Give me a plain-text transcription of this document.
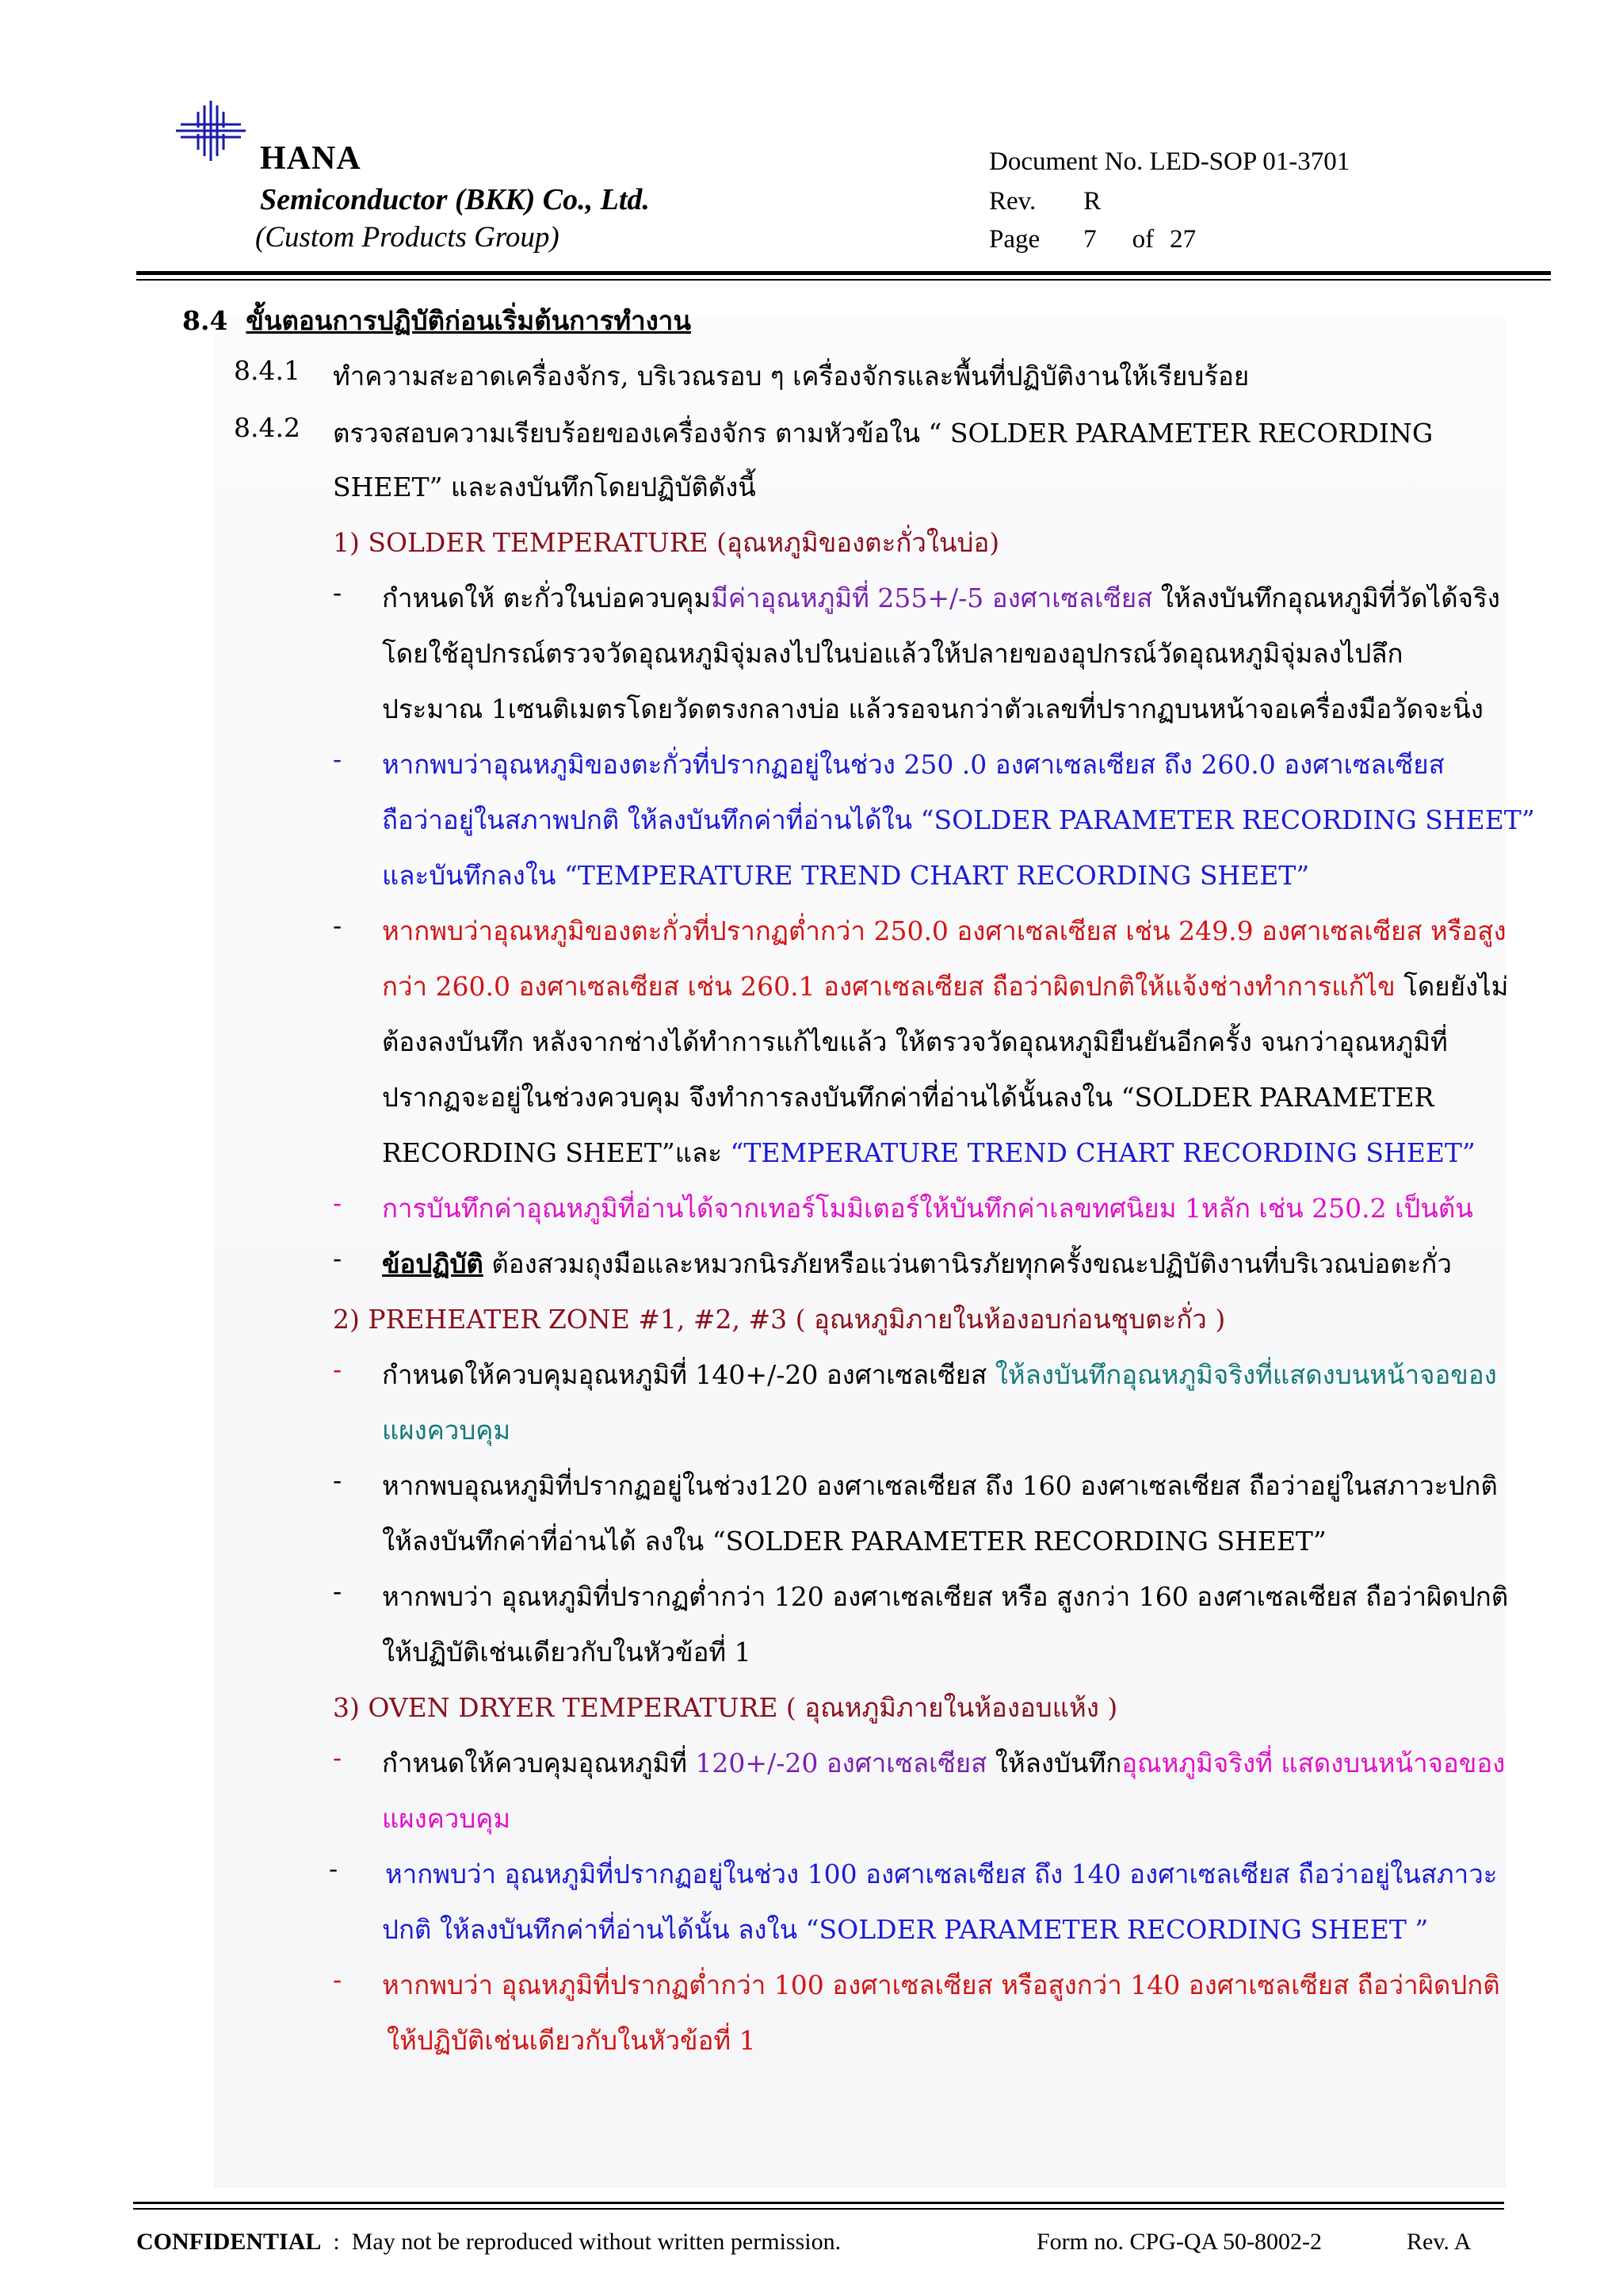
HANA
Semiconductor (BKK) Co., Ltd.
(Custom Products Group)
Document No. LED-SOP 01-3701
Rev. R
Page 7 of 27
8.4 ขั้นตอนการปฏิบัติก่อนเริ่มต้นการทำงาน
8.4.1 ทำความสะอาดเครื่องจักร, บริเวณรอบ ๆ เครื่องจักรและพื้นที่ปฏิบัติงานให้เรียบร้อย
8.4.2 ตรวจสอบความเรียบร้อยของเครื่องจักร ตามหัวข้อใน “ SOLDER PARAMETER RECORDING
SHEET” และลงบันทึกโดยปฏิบัติดังนี้
1) SOLDER TEMPERATURE (อุณหภูมิของตะกั่วในบ่อ)
- กำหนดให้ ตะกั่วในบ่อควบคุมมีค่าอุณหภูมิที่ 255+/-5 องศาเซลเซียส ให้ลงบันทึกอุณหภูมิที่วัดได้จริง
โดยใช้อุปกรณ์ตรวจวัดอุณหภูมิจุ่มลงไปในบ่อแล้วให้ปลายของอุปกรณ์วัดอุณหภูมิจุ่มลงไปลึก
ประมาณ 1เซนติเมตรโดยวัดตรงกลางบ่อ แล้วรอจนกว่าตัวเลขที่ปรากฏบนหน้าจอเครื่องมือวัดจะนิ่ง
- หากพบว่าอุณหภูมิของตะกั่วที่ปรากฏอยู่ในช่วง 250 .0 องศาเซลเซียส ถึง 260.0 องศาเซลเซียส
ถือว่าอยู่ในสภาพปกติ ให้ลงบันทึกค่าที่อ่านได้ใน “SOLDER PARAMETER RECORDING SHEET”
และบันทึกลงใน “TEMPERATURE TREND CHART RECORDING SHEET”
- หากพบว่าอุณหภูมิของตะกั่วที่ปรากฏต่ำกว่า 250.0 องศาเซลเซียส เช่น 249.9 องศาเซลเซียส หรือสูง
กว่า 260.0 องศาเซลเซียส เช่น 260.1 องศาเซลเซียส ถือว่าผิดปกติให้แจ้งช่างทำการแก้ไข โดยยังไม่
ต้องลงบันทึก หลังจากช่างได้ทำการแก้ไขแล้ว ให้ตรวจวัดอุณหภูมิยืนยันอีกครั้ง จนกว่าอุณหภูมิที่
ปรากฏจะอยู่ในช่วงควบคุม จึงทำการลงบันทึกค่าที่อ่านได้นั้นลงใน “SOLDER PARAMETER
RECORDING SHEET”และ “TEMPERATURE TREND CHART RECORDING SHEET”
- การบันทึกค่าอุณหภูมิที่อ่านได้จากเทอร์โมมิเตอร์ให้บันทึกค่าเลขทศนิยม 1หลัก เช่น 250.2 เป็นต้น
- ข้อปฏิบัติ ต้องสวมถุงมือและหมวกนิรภัยหรือแว่นตานิรภัยทุกครั้งขณะปฏิบัติงานที่บริเวณบ่อตะกั่ว
2) PREHEATER ZONE #1, #2, #3 ( อุณหภูมิภายในห้องอบก่อนชุบตะกั่ว )
- กำหนดให้ควบคุมอุณหภูมิที่ 140+/-20 องศาเซลเซียส ให้ลงบันทึกอุณหภูมิจริงที่แสดงบนหน้าจอของ
แผงควบคุม
- หากพบอุณหภูมิที่ปรากฏอยู่ในช่วง120 องศาเซลเซียส ถึง 160 องศาเซลเซียส ถือว่าอยู่ในสภาวะปกติ
ให้ลงบันทึกค่าที่อ่านได้ ลงใน “SOLDER PARAMETER RECORDING SHEET”
- หากพบว่า อุณหภูมิที่ปรากฏต่ำกว่า 120 องศาเซลเซียส หรือ สูงกว่า 160 องศาเซลเซียส ถือว่าผิดปกติ
ให้ปฏิบัติเช่นเดียวกับในหัวข้อที่ 1
3) OVEN DRYER TEMPERATURE ( อุณหภูมิภายในห้องอบแห้ง )
- กำหนดให้ควบคุมอุณหภูมิที่ 120+/-20 องศาเซลเซียส ให้ลงบันทึกอุณหภูมิจริงที่ แสดงบนหน้าจอของ
แผงควบคุม
- หากพบว่า อุณหภูมิที่ปรากฏอยู่ในช่วง 100 องศาเซลเซียส ถึง 140 องศาเซลเซียส ถือว่าอยู่ในสภาวะ
ปกติ ให้ลงบันทึกค่าที่อ่านได้นั้น ลงใน “SOLDER PARAMETER RECORDING SHEET ”
- หากพบว่า อุณหภูมิที่ปรากฏต่ำกว่า 100 องศาเซลเซียส หรือสูงกว่า 140 องศาเซลเซียส ถือว่าผิดปกติ
ให้ปฏิบัติเช่นเดียวกับในหัวข้อที่ 1
CONFIDENTIAL  :  May not be reproduced without written permission.	Form no. CPG-QA 50-8002-2	Rev. A
